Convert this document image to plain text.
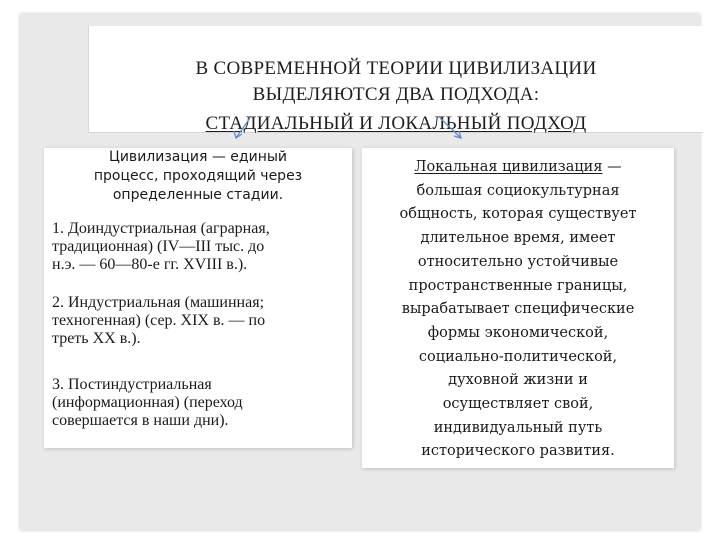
В СОВРЕМЕННОЙ ТЕОРИИ ЦИВИЛИЗАЦИИ
ВЫДЕЛЯЮТСЯ ДВА ПОДХОДА:
СТАДИАЛЬНЫЙ И ЛОКАЛЬНЫЙ ПОДХОД
Цивилизация — единый
процесс, проходящий через
определенные стадии.
1. Доиндустриальная (аграрная,
традиционная) (IV—III тыс. до
н.э. — 60—80-е гг. XVIII в.).
2. Индустриальная (машинная;
техногенная) (сер. XIX в. — по
треть XX в.).
3. Постиндустриальная
(информационная) (переход
совершается в наши дни).
Локальная цивилизация —
большая социокультурная
общность, которая существует
длительное время, имеет
относительно устойчивые
пространственные границы,
вырабатывает специфические
формы экономической,
социально-политической,
духовной жизни и
осуществляет свой,
индивидуальный путь
исторического развития.
